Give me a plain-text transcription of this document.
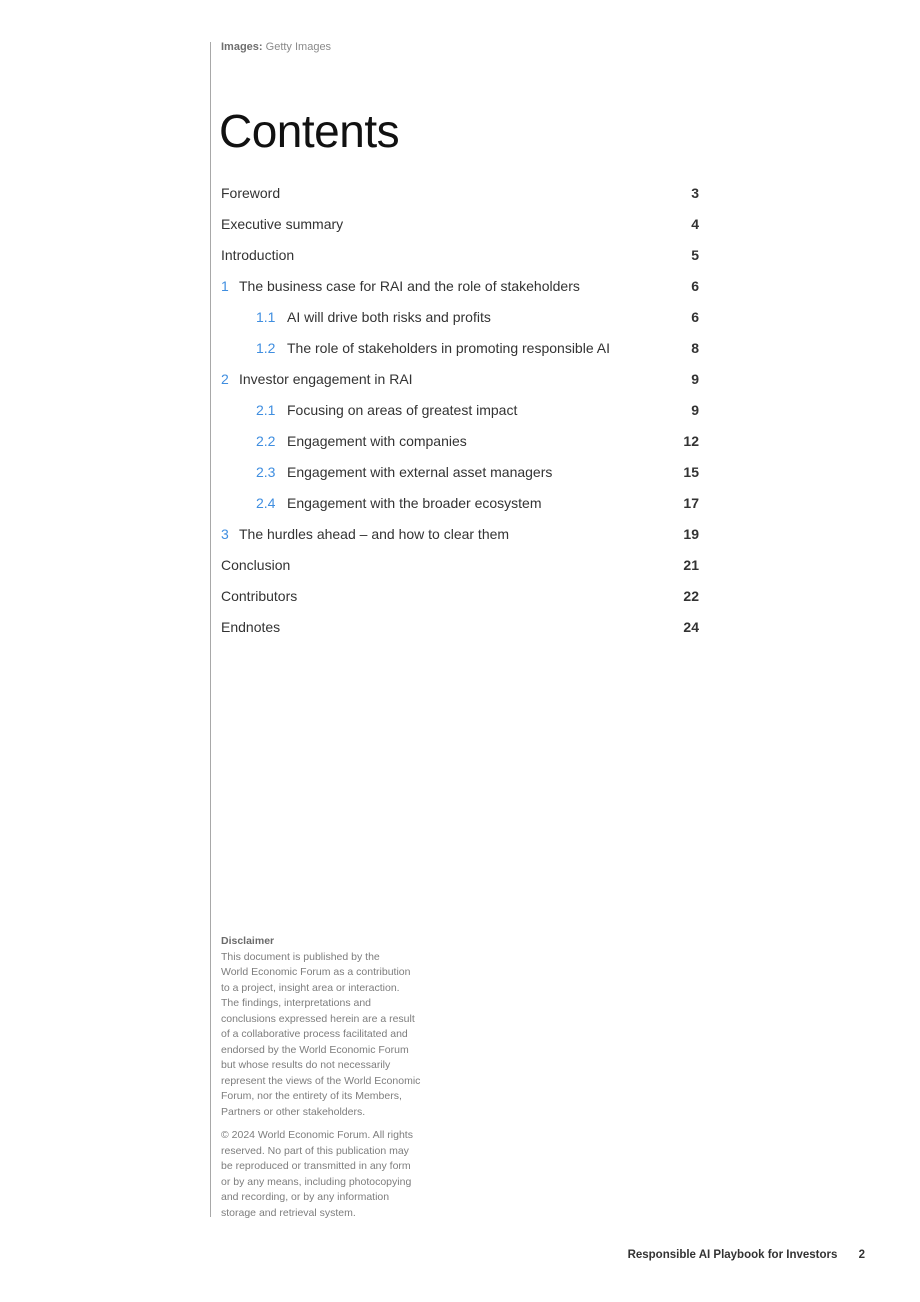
Images: Getty Images
Contents
Foreword	3
Executive summary	4
Introduction	5
1 The business case for RAI and the role of stakeholders	6
1.1 AI will drive both risks and profits	6
1.2 The role of stakeholders in promoting responsible AI	8
2 Investor engagement in RAI	9
2.1 Focusing on areas of greatest impact	9
2.2 Engagement with companies	12
2.3 Engagement with external asset managers	15
2.4 Engagement with the broader ecosystem	17
3 The hurdles ahead – and how to clear them	19
Conclusion	21
Contributors	22
Endnotes	24
Disclaimer
This document is published by the
World Economic Forum as a contribution
to a project, insight area or interaction.
The findings, interpretations and
conclusions expressed herein are a result
of a collaborative process facilitated and
endorsed by the World Economic Forum
but whose results do not necessarily
represent the views of the World Economic
Forum, nor the entirety of its Members,
Partners or other stakeholders.
© 2024 World Economic Forum. All rights
reserved. No part of this publication may
be reproduced or transmitted in any form
or by any means, including photocopying
and recording, or by any information
storage and retrieval system.
Responsible AI Playbook for Investors 2
